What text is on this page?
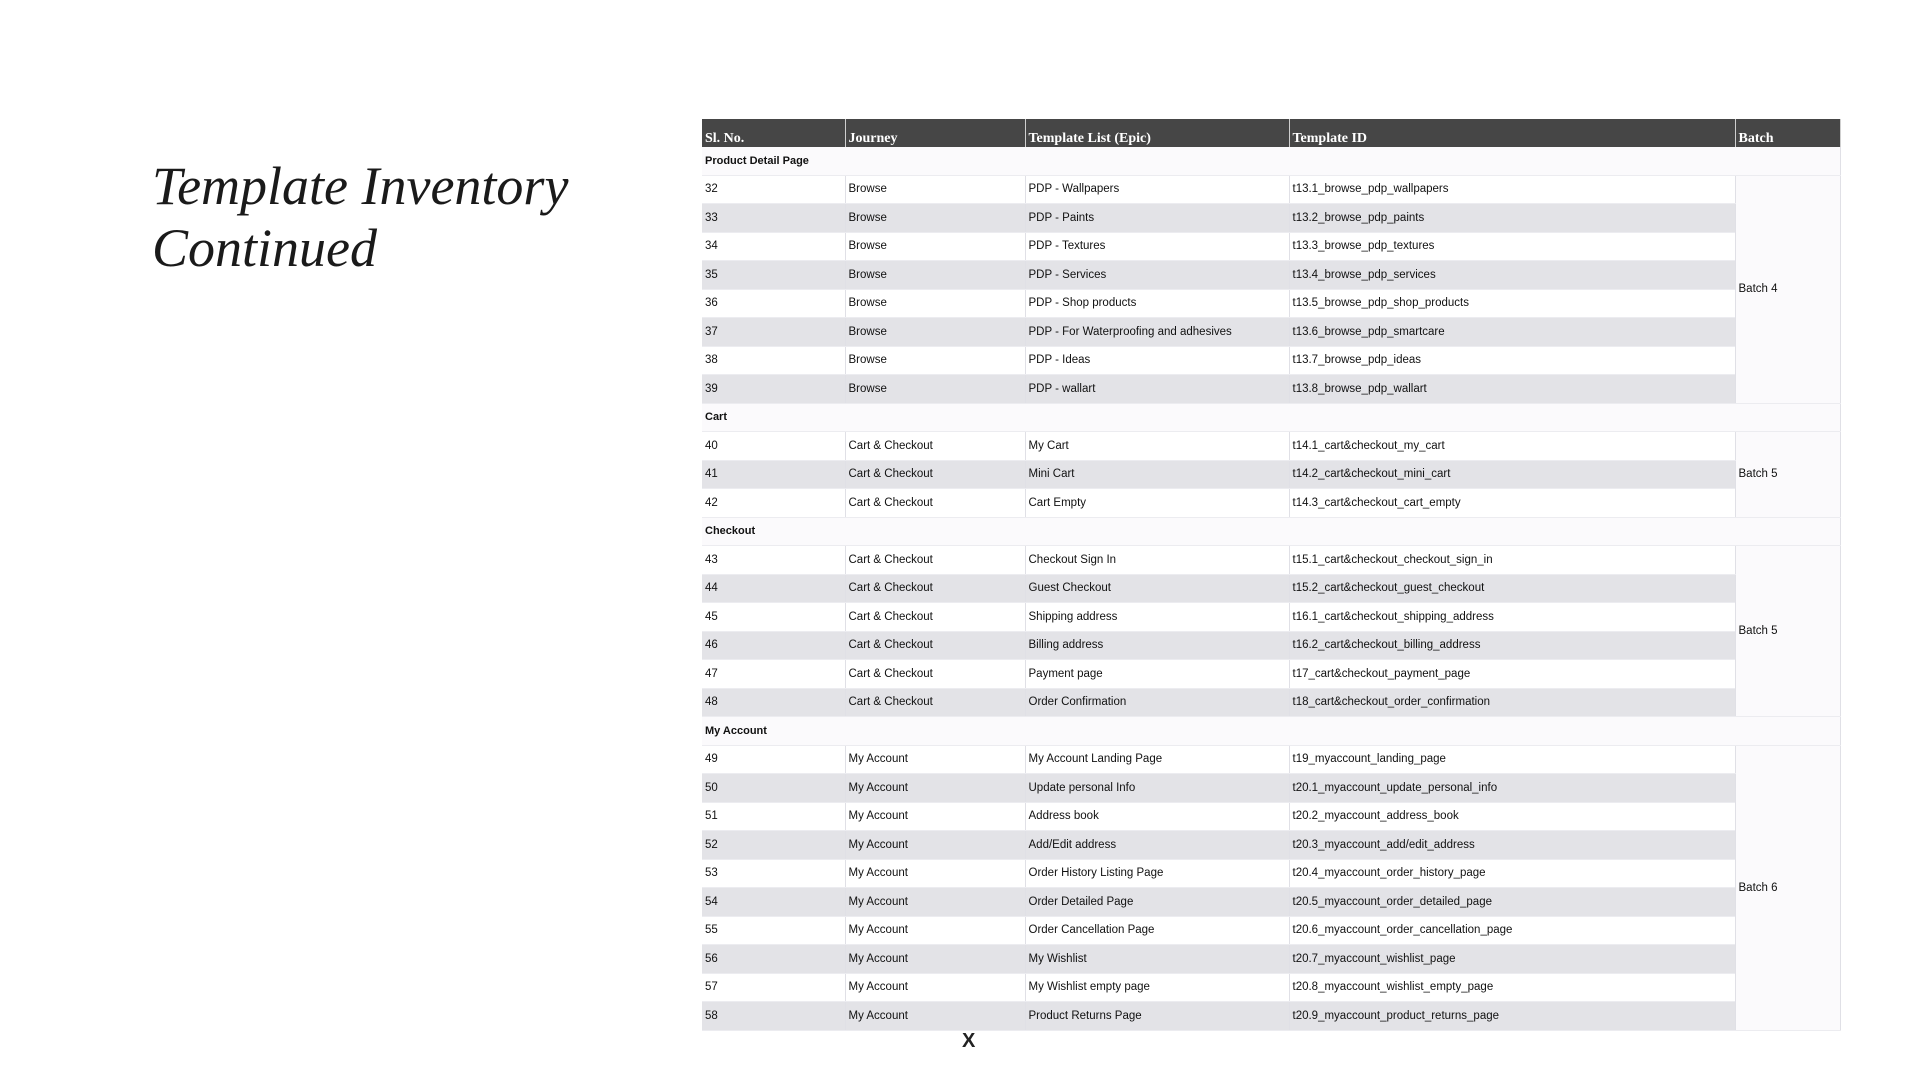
Template Inventory
Continued
Sl. No.	Journey	Template List (Epic)	Template ID	Batch
Product Detail Page				
32	Browse	PDP - Wallpapers	t13.1_browse_pdp_wallpapers	Batch 4
33	Browse	PDP - Paints	t13.2_browse_pdp_paints	
34	Browse	PDP - Textures	t13.3_browse_pdp_textures	
35	Browse	PDP - Services	t13.4_browse_pdp_services	
36	Browse	PDP - Shop products	t13.5_browse_pdp_shop_products	
37	Browse	PDP - For Waterproofing and adhesives	t13.6_browse_pdp_smartcare	
38	Browse	PDP - Ideas	t13.7_browse_pdp_ideas	
39	Browse	PDP - wallart	t13.8_browse_pdp_wallart	
Cart				
40	Cart & Checkout	My Cart	t14.1_cart&checkout_my_cart	Batch 5
41	Cart & Checkout	Mini Cart	t14.2_cart&checkout_mini_cart	
42	Cart & Checkout	Cart Empty	t14.3_cart&checkout_cart_empty	
Checkout				
43	Cart & Checkout	Checkout Sign In	t15.1_cart&checkout_checkout_sign_in	Batch 5
44	Cart & Checkout	Guest Checkout	t15.2_cart&checkout_guest_checkout	
45	Cart & Checkout	Shipping address	t16.1_cart&checkout_shipping_address	
46	Cart & Checkout	Billing address	t16.2_cart&checkout_billing_address	
47	Cart & Checkout	Payment page	t17_cart&checkout_payment_page	
48	Cart & Checkout	Order Confirmation	t18_cart&checkout_order_confirmation	
My Account				
49	My Account	My Account Landing Page	t19_myaccount_landing_page	Batch 6
50	My Account	Update personal Info	t20.1_myaccount_update_personal_info	
51	My Account	Address book	t20.2_myaccount_address_book	
52	My Account	Add/Edit address	t20.3_myaccount_add/edit_address	
53	My Account	Order History Listing Page	t20.4_myaccount_order_history_page	
54	My Account	Order Detailed Page	t20.5_myaccount_order_detailed_page	
55	My Account	Order Cancellation Page	t20.6_myaccount_order_cancellation_page	
56	My Account	My Wishlist	t20.7_myaccount_wishlist_page	
57	My Account	My Wishlist empty page	t20.8_myaccount_wishlist_empty_page	
58	My Account	Product Returns Page	t20.9_myaccount_product_returns_page	
X
